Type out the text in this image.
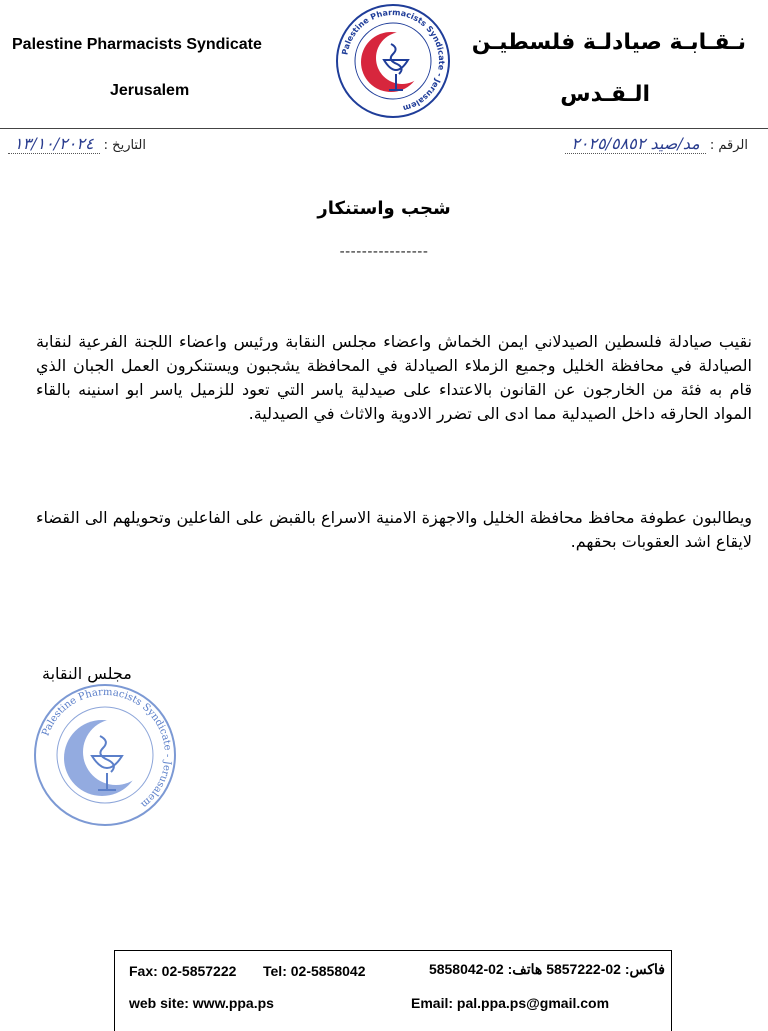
Palestine Pharmacists Syndicate
Jerusalem
نـقـابـة صيادلـة فلسطيـن
الـقـدس
Palestine Pharmacists Syndicate - Jerusalem
الرقم : مد/صيد ٢٠٢٥/٥٨٥٢
التاريخ : ١٣/١٠/٢٠٢٤
شجب واستنكار
----------------
نقيب صيادلة فلسطين الصيدلاني ايمن الخماش واعضاء مجلس النقابة ورئيس واعضاء اللجنة الفرعية لنقابة الصيادلة في محافظة الخليل وجميع الزملاء الصيادلة في المحافظة يشجبون ويستنكرون العمل الجبان الذي قام به فئة من الخارجون عن القانون بالاعتداء على صيدلية ياسر التي تعود للزميل ياسر ابو اسنينه بالقاء المواد الحارقه داخل الصيدلية مما ادى الى تضرر الادوية والاثاث في الصيدلية.
ويطالبون عطوفة محافظ محافظة الخليل والاجهزة الامنية الاسراع بالقبض على الفاعلين وتحويلهم الى القضاء لايقاع اشد العقوبات بحقهم.
مجلس النقابة
Palestine Pharmacists Syndicate - Jerusalem
Fax: 02-5857222 Tel: 02-5858042	فاكس: 02-5857222 هاتف: 02-5858042
web site: www.ppa.ps	Email: pal.ppa.ps@gmail.com
